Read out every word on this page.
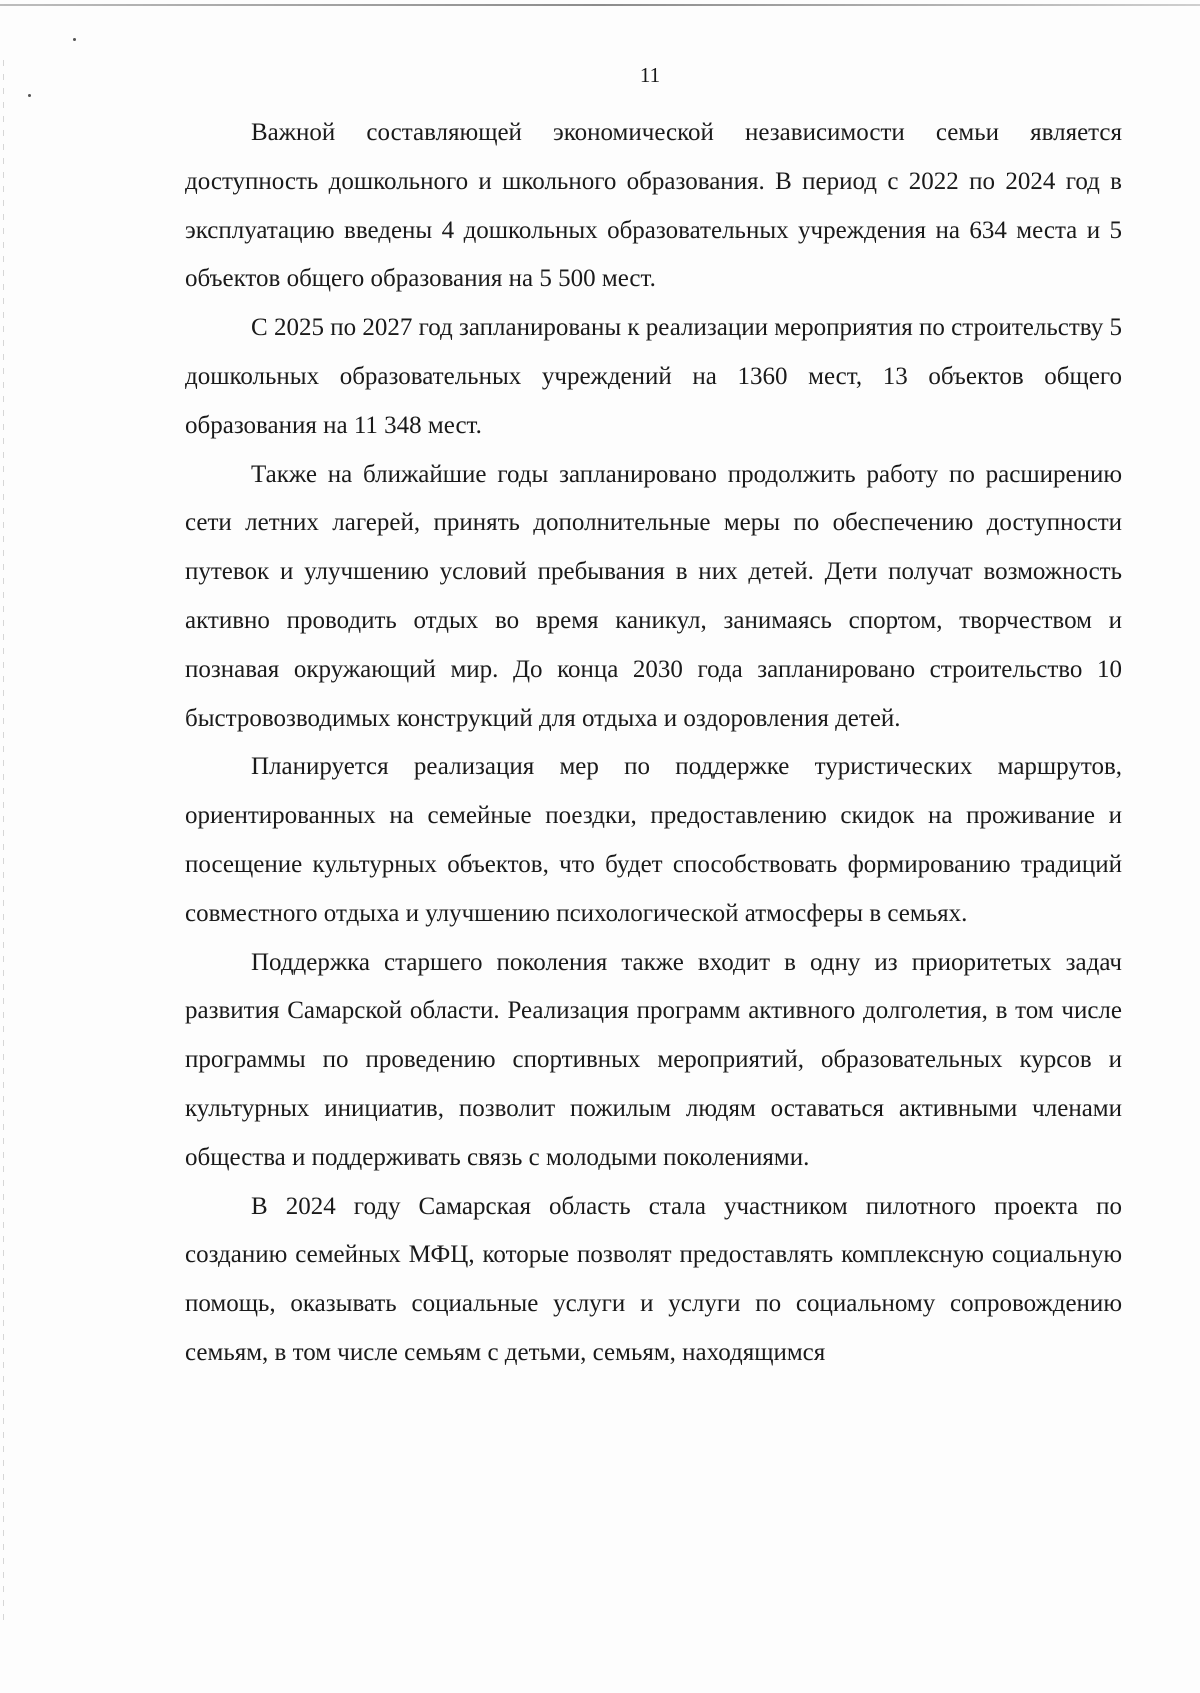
11

Важной составляющей экономической независимости семьи является доступность дошкольного и школьного образования. В период с 2022 по 2024 год в эксплуатацию введены 4 дошкольных образовательных учреждения на 634 места и 5 объектов общего образования на 5 500 мест.

С 2025 по 2027 год запланированы к реализации мероприятия по строительству 5 дошкольных образовательных учреждений на 1360 мест, 13 объектов общего образования на 11 348 мест.

Также на ближайшие годы запланировано продолжить работу по расширению сети летних лагерей, принять дополнительные меры по обеспечению доступности путевок и улучшению условий пребывания в них детей. Дети получат возможность активно проводить отдых во время каникул, занимаясь спортом, творчеством и познавая окружающий мир. До конца 2030 года запланировано строительство 10 быстровозводимых конструкций для отдыха и оздоровления детей.

Планируется реализация мер по поддержке туристических маршрутов, ориентированных на семейные поездки, предоставлению скидок на проживание и посещение культурных объектов, что будет способствовать формированию традиций совместного отдыха и улучшению психологической атмосферы в семьях.

Поддержка старшего поколения также входит в одну из приоритетых задач развития Самарской области. Реализация программ активного долголетия, в том числе программы по проведению спортивных мероприятий, образовательных курсов и культурных инициатив, позволит пожилым людям оставаться активными членами общества и поддерживать связь с молодыми поколениями.

В 2024 году Самарская область стала участником пилотного проекта по созданию семейных МФЦ, которые позволят предоставлять комплексную социальную помощь, оказывать социальные услуги и услуги по социальному сопровождению семьям, в том числе семьям с детьми, семьям, находящимся
